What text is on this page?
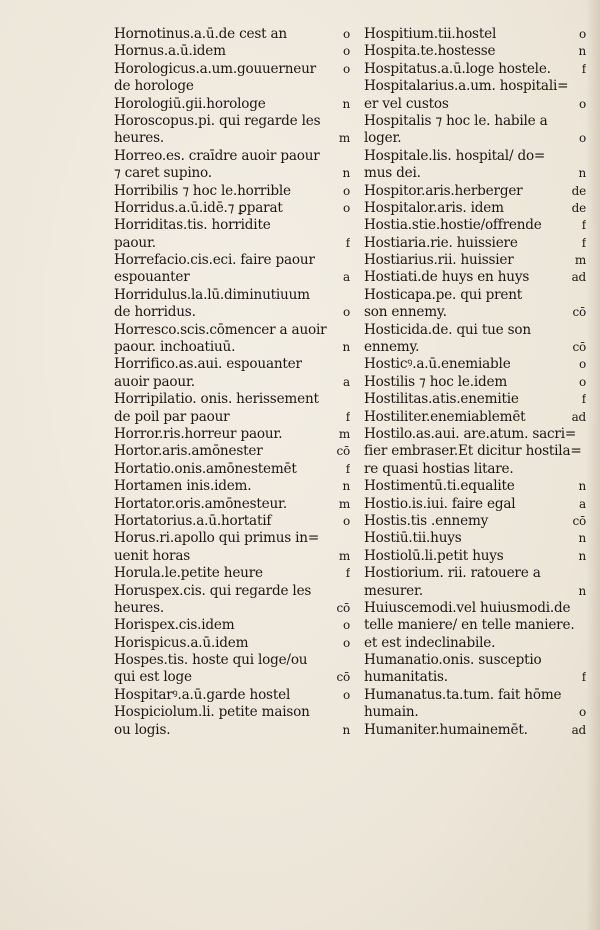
Hornotinus.a.ū.de cest an	o
Hornus.a.ū.idem	o
Horologicus.a.um.gouuerneur o
de horologe
Horologiū.gii.horologe	n
Horoscopus.pi. qui regarde les
heures.	m
Horreo.es. craīdre auoir paour
⁊ caret supino.	n
Horribilis ⁊ hoc le.horrible	o
Horridus.a.ū.idē.⁊ ꝑparat	o
Horriditas.tis. horridite
paour.	f
Horrefacio.cis.eci. faire paour
espouanter	a
Horridulus.la.lū.diminutiuum
de horridus.	o
Horresco.scis.cōmencer a auoir
paour. inchoatiuū.	n
Horrifico.as.aui. espouanter
auoir paour.	a
Horripilatio. onis. herissement
de poil par paour	f
Horror.ris.horreur paour.	m
Hortor.aris.amōnester	cō
Hortatio.onis.amōnestemēt	f
Hortamen inis.idem.	n
Hortator.oris.amōnesteur.	m
Hortatorius.a.ū.hortatif	o
Horus.ri.apollo qui primus in=
uenit horas	m
Horula.le.petite heure	f
Horuspex.cis. qui regarde les
heures.	cō
Horispex.cis.idem	o
Horispicus.a.ū.idem	o
Hospes.tis. hoste qui loge/ou
qui est loge	cō
Hospitarꝰ.a.ū.garde hostel	o
Hospiciolum.li. petite maison
ou logis.	n
Hospitium.tii.hostel	o
Hospita.te.hostesse	n
Hospitatus.a.ū.loge hostele.	f
Hospitalarius.a.um. hospitali=
er vel custos	o
Hospitalis ⁊ hoc le. habile a
loger.	o
Hospitale.lis. hospital/ do=
mus dei.	n
Hospitor.aris.herberger	de
Hospitalor.aris. idem	de
Hostia.stie.hostie/offrende	f
Hostiaria.rie. huissiere	f
Hostiarius.rii. huissier	m
Hostiati.de huys en huys	ad
Hosticapa.pe. qui prent
son ennemy.	cō
Hosticida.de. qui tue son
ennemy.	cō
Hosticꝰ.a.ū.enemiable	o
Hostilis ⁊ hoc le.idem	o
Hostilitas.atis.enemitie	f
Hostiliter.enemiablemēt	ad
Hostilo.as.aui. are.atum. sacri=
fier embraser.Et dicitur hostila=
re quasi hostias litare.
Hostimentū.ti.equalite	n
Hostio.is.iui. faire egal	a
Hostis.tis .ennemy	cō
Hostiū.tii.huys	n
Hostiolū.li.petit huys	n
Hostiorium. rii. ratouere a
mesurer.	n
Huiuscemodi.vel huiusmodi.de
telle maniere/ en telle maniere.
et est indeclinabile.
Humanatio.onis. susceptio
humanitatis.	f
Humanatus.ta.tum. fait hōme
humain.	o
Humaniter.humainemēt.	ad
